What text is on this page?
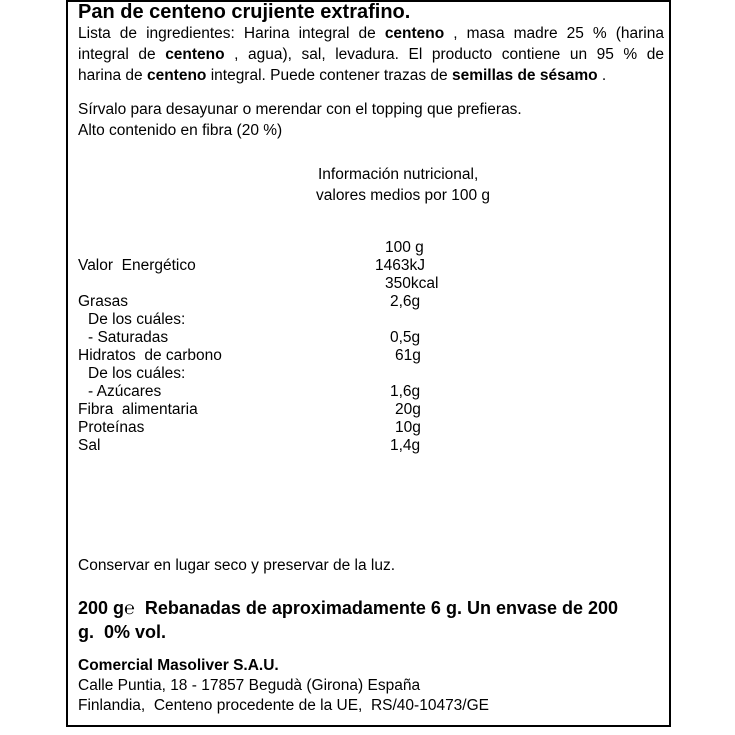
Pan de centeno crujiente extrafino.
Lista de ingredientes: Harina integral de centeno , masa madre 25 % (harina
integral de centeno , agua), sal, levadura. El producto contiene un 95 % de
harina de centeno integral. Puede contener trazas de semillas de sésamo .
Sírvalo para desayunar o merendar con el topping que prefieras.
Alto contenido en fibra (20 %)
Información nutricional,
valores medios por 100 g
100 g
Valor  Energético	1463kJ
350kcal
Grasas	2,6g
De los cuáles:
- Saturadas	0,5g
Hidratos  de carbono	61g
De los cuáles:
- Azúcares	1,6g
Fibra  alimentaria	20g
Proteínas	10g
Sal	1,4g
Conservar en lugar seco y preservar de la luz.
200 g℮  Rebanadas de aproximadamente 6 g. Un envase de 200
g.  0% vol.
Comercial Masoliver S.A.U.
Calle Puntia, 18 - 17857 Begudà (Girona) España
Finlandia,  Centeno procedente de la UE,  RS/40-10473/GE
